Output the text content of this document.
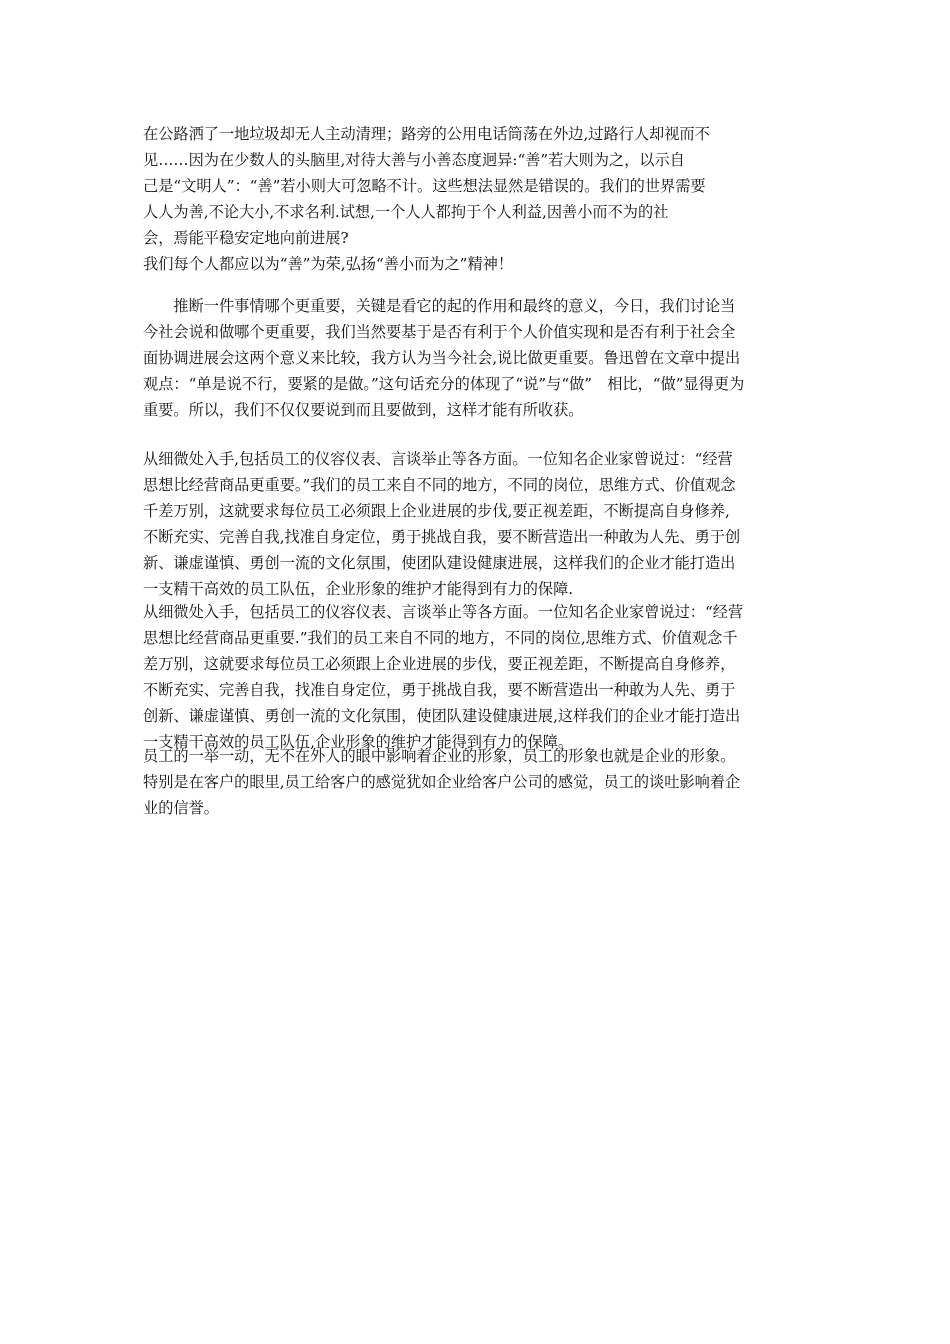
在公路洒了一地垃圾却无人主动清理；路旁的公用电话筒荡在外边,过路行人却视而不
见……因为在少数人的头脑里,对待大善与小善态度迥异:“善”若大则为之，以示自
己是“文明人”：“善”若小则大可忽略不计。这些想法显然是错误的。我们的世界需要
人人为善,不论大小,不求名利.试想,一个人人都拘于个人利益,因善小而不为的社
会，焉能平稳安定地向前进展?
我们每个人都应以为“善”为荣,弘扬“善小而为之”精神！
　　推断一件事情哪个更重要，关键是看它的起的作用和最终的意义，今日，我们讨论当
今社会说和做哪个更重要，我们当然要基于是否有利于个人价值实现和是否有利于社会全
面协调进展会这两个意义来比较，我方认为当今社会,说比做更重要。鲁迅曾在文章中提出
观点：“单是说不行，要紧的是做。”这句话充分的体现了“说”与“做”　相比，“做”显得更为
重要。所以，我们不仅仅要说到而且要做到，这样才能有所收获。
从细微处入手,包括员工的仪容仪表、言谈举止等各方面。一位知名企业家曾说过：“经营
思想比经营商品更重要。”我们的员工来自不同的地方，不同的岗位，思维方式、价值观念
千差万别，这就要求每位员工必须跟上企业进展的步伐,要正视差距，不断提高自身修养,
不断充实、完善自我,找准自身定位，勇于挑战自我，要不断营造出一种敢为人先、勇于创
新、谦虚谨慎、勇创一流的文化氛围，使团队建设健康进展，这样我们的企业才能打造出
一支精干高效的员工队伍，企业形象的维护才能得到有力的保障.
从细微处入手，包括员工的仪容仪表、言谈举止等各方面。一位知名企业家曾说过：“经营
思想比经营商品更重要.”我们的员工来自不同的地方，不同的岗位,思维方式、价值观念千
差万别，这就要求每位员工必须跟上企业进展的步伐，要正视差距，不断提高自身修养，
不断充实、完善自我，找准自身定位，勇于挑战自我，要不断营造出一种敢为人先、勇于
创新、谦虚谨慎、勇创一流的文化氛围，使团队建设健康进展,这样我们的企业才能打造出
一支精干高效的员工队伍,企业形象的维护才能得到有力的保障。
员工的一举一动，无不在外人的眼中影响着企业的形象，员工的形象也就是企业的形象。
特别是在客户的眼里,员工给客户的感觉犹如企业给客户公司的感觉，员工的谈吐影响着企
业的信誉。
